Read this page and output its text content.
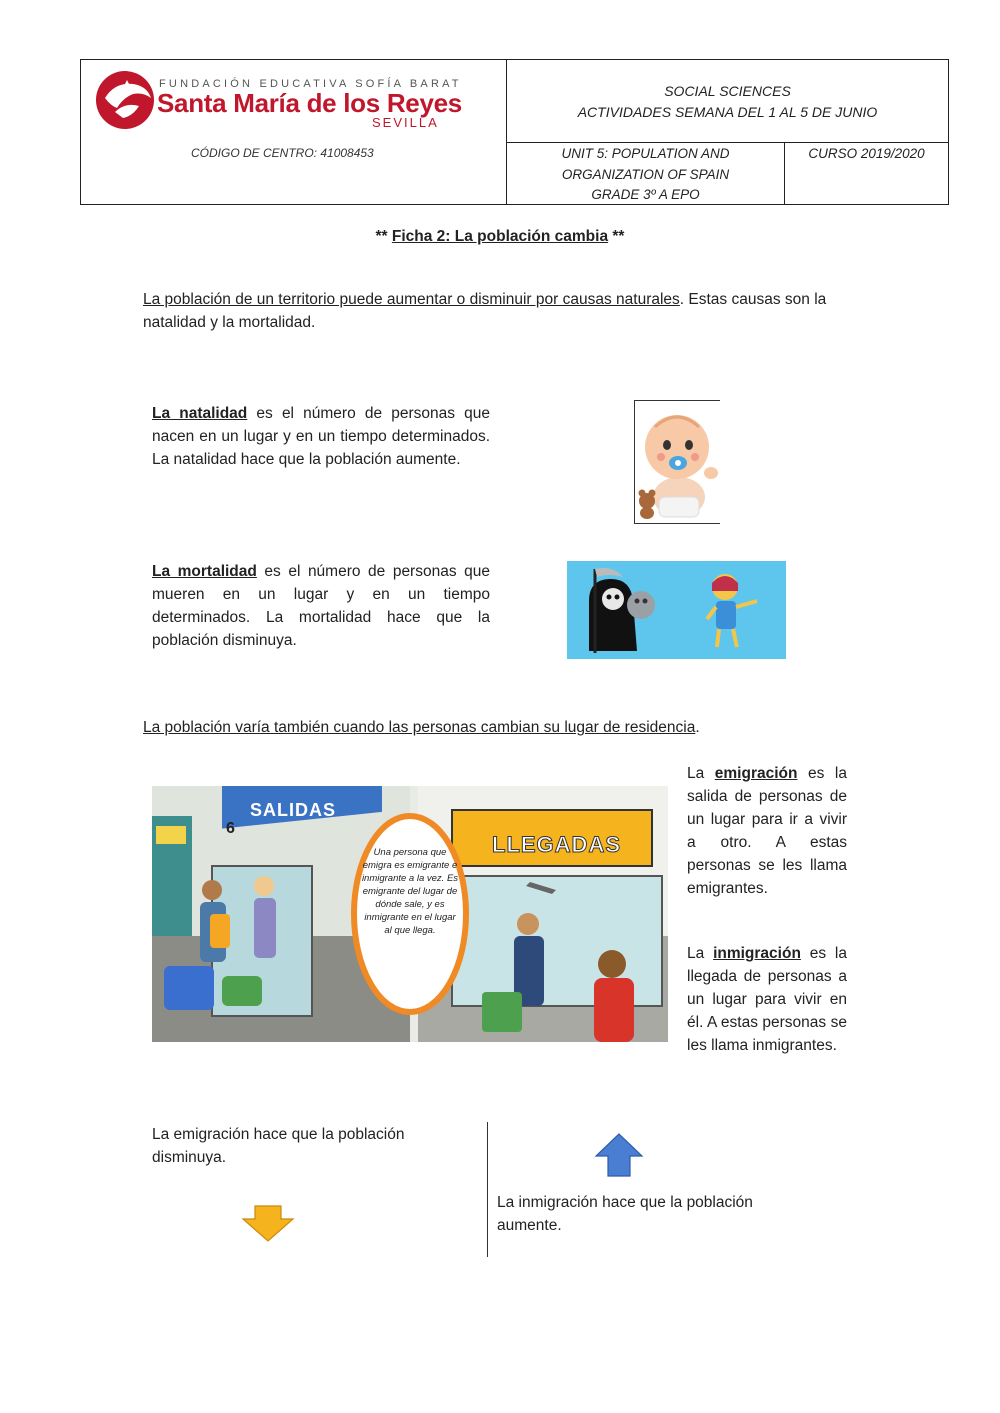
FUNDACIÓN EDUCATIVA SOFÍA BARAT
Santa María de los Reyes
SEVILLA
CÓDIGO DE CENTRO: 41008453
SOCIAL SCIENCES
ACTIVIDADES SEMANA DEL 1 AL 5 DE JUNIO
UNIT 5: POPULATION AND
ORGANIZATION OF SPAIN
GRADE 3º A EPO
CURSO 2019/2020
** Ficha 2: La población cambia **
La población de un territorio puede aumentar o disminuir por causas naturales. Estas causas son la natalidad y la mortalidad.
La natalidad es el número de personas que nacen en un lugar y en un tiempo determinados. La natalidad hace que la población aumente.
La mortalidad es el número de personas que mueren en un lugar y en un tiempo determinados. La mortalidad hace que la población disminuya.
La población varía también cuando las personas cambian su lugar de residencia.
SALIDAS
6
LLEGADAS
Una persona que emigra es emigrante e inmigrante a la vez. Es emigrante del lugar de dónde sale, y es inmigrante en el lugar al que llega.
La emigración es la salida de personas de un lugar para ir a vivir a otro. A estas personas se les llama emigrantes.
La inmigración es la llegada de personas a un lugar para vivir en él. A estas personas se les llama inmigrantes.
La emigración hace que la población disminuya.
La inmigración hace que la población aumente.
